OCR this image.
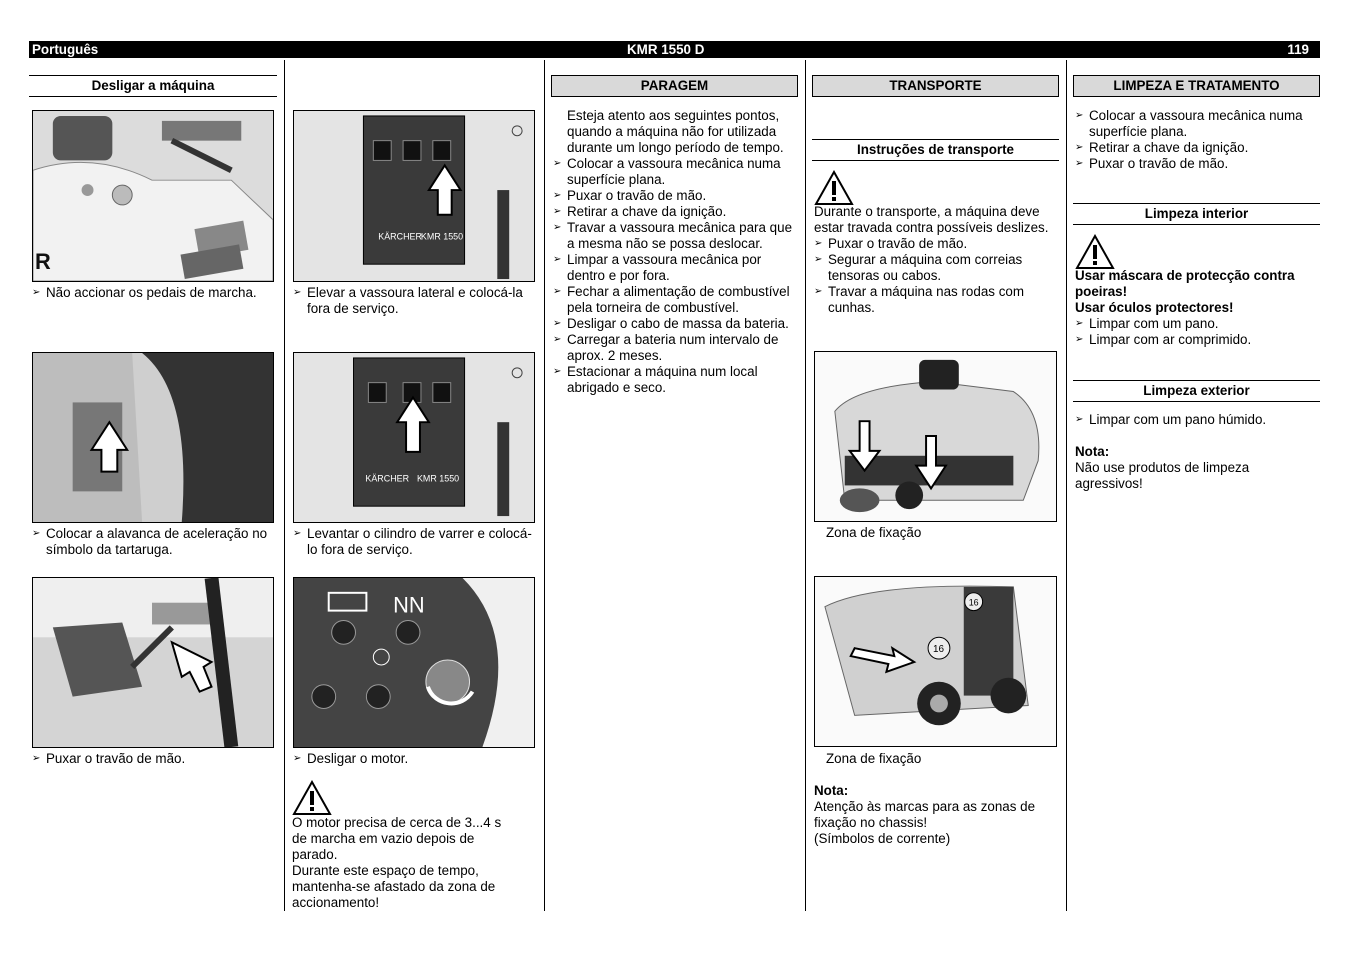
Português	KMR 1550 D	119
Desligar a máquina
R
➢ Não accionar os pedais de marcha.
➢ Colocar a alavanca de aceleração no símbolo da tartaruga.
➢ Puxar o travão de mão.
KÄRCHER KMR 1550
➢ Elevar a vassoura lateral e colocá-la fora de serviço.
KÄRCHER KMR 1550
➢ Levantar o cilindro de varrer e colocá-lo fora de serviço.
NN
➢ Desligar o motor.
O motor precisa de cerca de 3...4 s
de marcha em vazio depois de
parado.
Durante este espaço de tempo,
mantenha-se afastado da zona de
accionamento!
PARAGEM
Esteja atento aos seguintes pontos, quando a máquina não for utilizada durante um longo período de tempo.
➢ Colocar a vassoura mecânica numa superfície plana.
➢ Puxar o travão de mão.
➢ Retirar a chave da ignição.
➢ Travar a vassoura mecânica para que a mesma não se possa deslocar.
➢ Limpar a vassoura mecânica por dentro e por fora.
➢ Fechar a alimentação de combustível pela torneira de combustível.
➢ Desligar o cabo de massa da bateria.
➢ Carregar a bateria num intervalo de aprox. 2 meses.
➢ Estacionar a máquina num local abrigado e seco.
TRANSPORTE
Instruções de transporte
Durante o transporte, a máquina deve estar travada contra possíveis deslizes.
➢ Puxar o travão de mão.
➢ Segurar a máquina com correias tensoras ou cabos.
➢ Travar a máquina nas rodas com cunhas.
Zona de fixação
16
16
Zona de fixação
Nota:
Atenção às marcas para as zonas de fixação no chassis!
(Símbolos de corrente)
LIMPEZA E TRATAMENTO
➢ Colocar a vassoura mecânica numa superfície plana.
➢ Retirar a chave da ignição.
➢ Puxar o travão de mão.
Limpeza interior
Usar máscara de protecção contra poeiras!
Usar óculos protectores!
➢ Limpar com um pano.
➢ Limpar com ar comprimido.
Limpeza exterior
➢ Limpar com um pano húmido.
Nota:
Não use produtos de limpeza agressivos!
